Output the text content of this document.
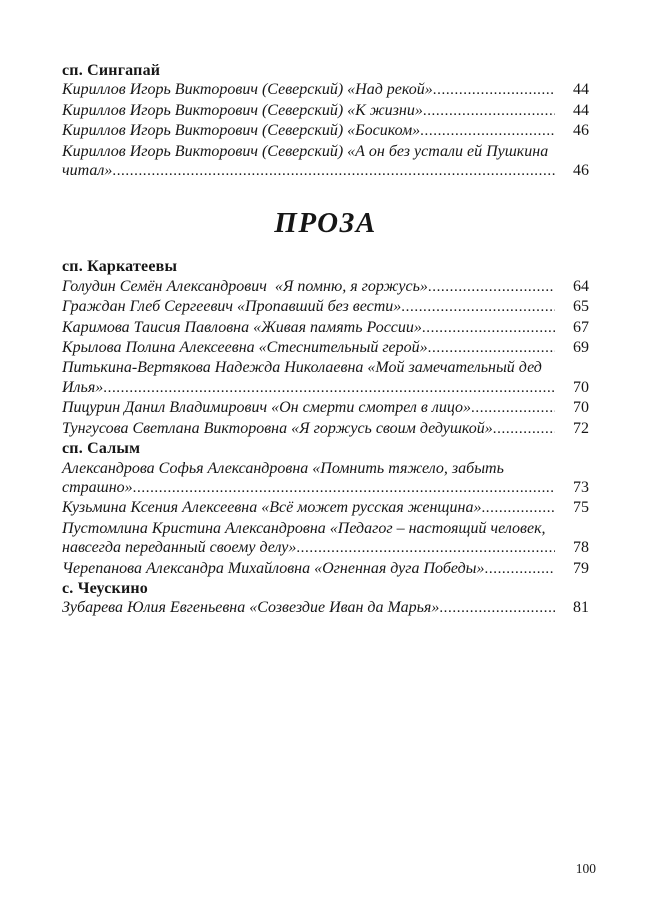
сп. Сингапай
Кириллов Игорь Викторович (Северский) «Над рекой» .....	44
Кириллов Игорь Викторович (Северский) «К жизни» .....	44
Кириллов Игорь Викторович (Северский) «Босиком» .....	46
Кириллов Игорь Викторович (Северский) «А он без устали ей Пушкина
читал» .....	46
ПРОЗА
сп. Каркатеевы
Голудин Семён Александрович  «Я помню, я горжусь» .....	64
Граждан Глеб Сергеевич «Пропавший без вести» .....	65
Каримова Таисия Павловна «Живая память России» .....	67
Крылова Полина Алексеевна «Стеснительный герой» .....	69
Питькина-Вертякова Надежда Николаевна «Мой замечательный дед
Илья» .....	70
Пицурин Данил Владимирович «Он смерти смотрел в лицо» .....	70
Тунгусова Светлана Викторовна «Я горжусь своим дедушкой» .....	72
сп. Салым
Александрова Софья Александровна «Помнить тяжело, забыть
страшно» .....	73
Кузьмина Ксения Алексеевна «Всё может русская женщина» .....	75
Пустомлина Кристина Александровна «Педагог – настоящий человек,
навсегда переданный своему делу» .....	78
Черепанова Александра Михайловна «Огненная дуга Победы» .....	79
с. Чеускино
Зубарева Юлия Евгеньевна «Созвездие Иван да Марья» .....	81
100
